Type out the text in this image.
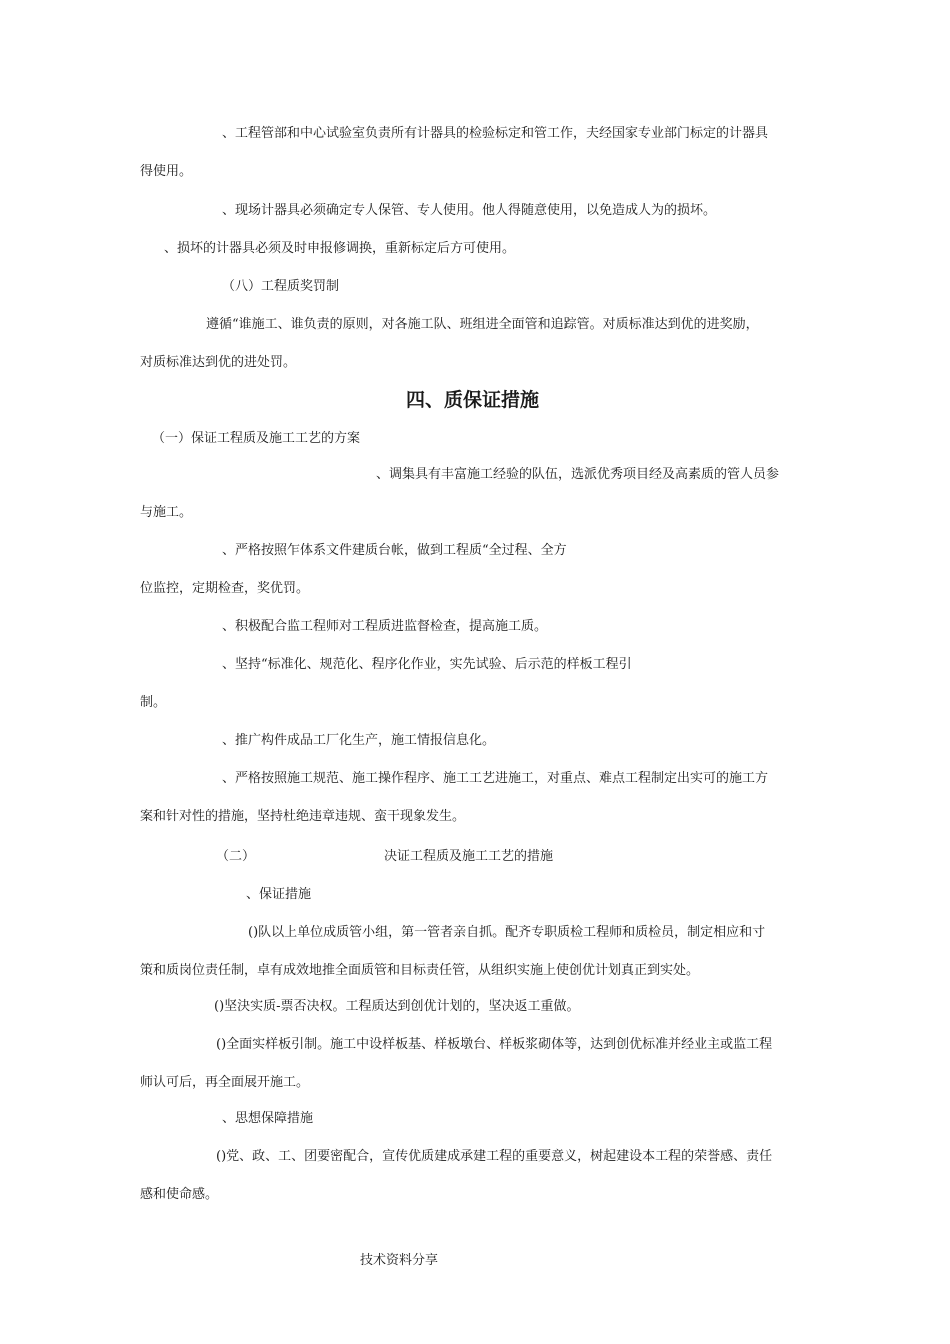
、工程管部和中心试验室负责所有计器具的检验标定和管工作，夫经国家专业部门标定的计器具
得使用。
、现场计器具必须确定专人保管、专人使用。他人得随意使用，以免造成人为的损坏。
、损坏的计器具必须及时申报修调换，重新标定后方可使用。
（八）工程质奖罚制
遵循“谁施工、谁负责的原则，对各施工队、班组进全面管和追踪管。对质标准达到优的进奖励，
对质标准达到优的进处罚。
四、质保证措施
（一）保证工程质及施工工艺的方案
、调集具有丰富施工经验的队伍，选派优秀项目经及高素质的管人员参
与施工。
、严格按照乍体系文件建质台帐，做到工程质“全过程、全方
位监控，定期检查，奖优罚。
、积极配合监工程师对工程质进监督检查，提高施工质。
、坚持“标准化、规范化、程序化作业，实先试验、后示范的样板工程引
制。
、推广构件成品工厂化生产，施工情报信息化。
、严格按照施工规范、施工操作程序、施工工艺进施工，对重点、难点工程制定出实可的施工方
案和针对性的措施，坚持杜绝违章违规、蛮干现象发生。
（二）	决证工程质及施工工艺的措施
、保证措施
()队以上单位成质管小组，第一管者亲自抓。配齐专职质检工程师和质检员，制定相应和寸
策和质岗位责任制，卓有成效地推全面质管和目标责任管，从组织实施上使创优计划真正到实处。
()坚決实质-票否决权。工程质达到创优计划的，坚决返工重做。
()全面实样板引制。施工中设样板基、样板墩台、样板浆砌体等，达到创优标准并经业主或监工程
师认可后，再全面展开施工。
、思想保障措施
()党、政、工、团要密配合，宣传优质建成承建工程的重要意义，树起建设本工程的荣誉感、责任
感和使命感。
技术资料分享
